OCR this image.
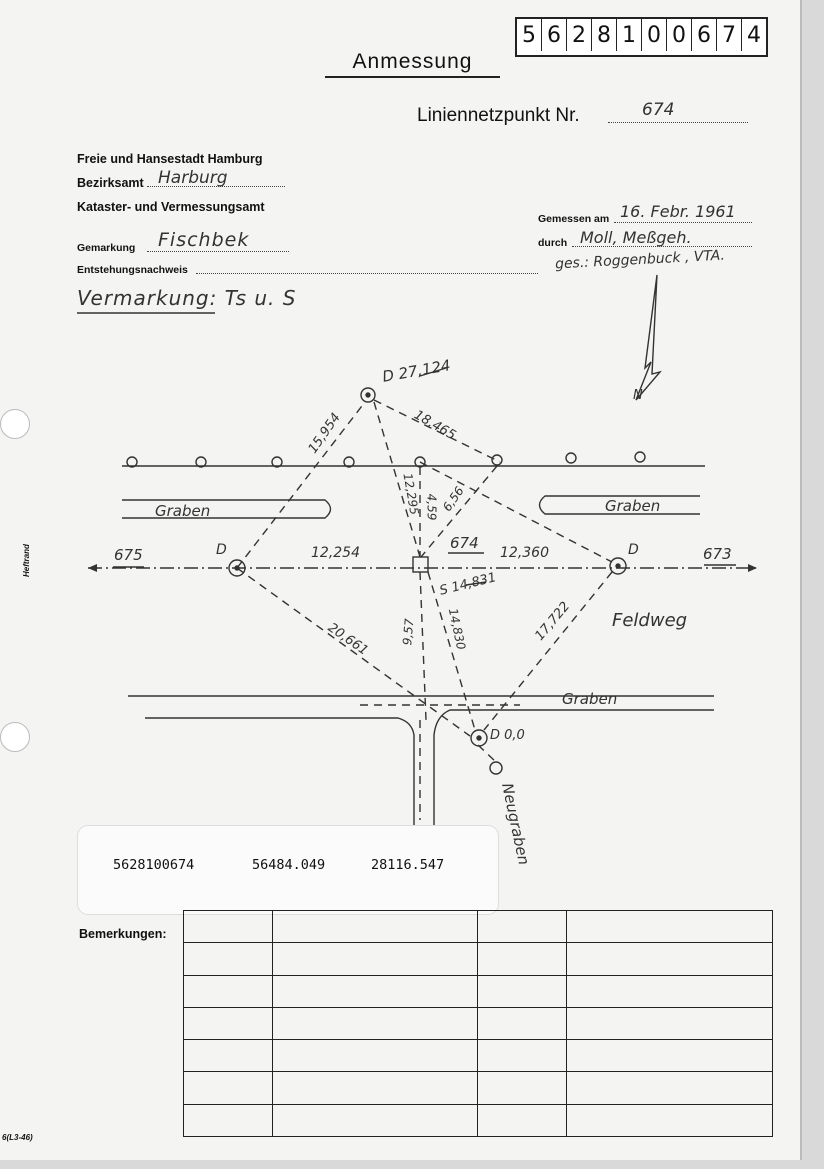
5 6 2 8 1 0 0 6 7 4
Anmessung
Liniennetzpunkt Nr.	674
Freie und Hansestadt Hamburg
Bezirksamt Harburg
Kataster- und Vermessungsamt
Gemarkung Fischbek
Entstehungsnachweis
Gemessen am 16. Febr. 1961
durch Moll, Meßgeh.
ges.: Roggenbuck , VTA.
Vermarkung: Ts u. S
D 27,124
15,954	18,465
12,295 4,59 6,56
Graben	Graben
675	D	12,254
674
12,360	D	673
S 14,831
20,661 9,57 14,830	17,722 Feldweg
Graben
D 0,0
Neugraben
N
5628100674	56484.049	28116.547
Bemerkungen:

Heftrand
6(L3-46)
